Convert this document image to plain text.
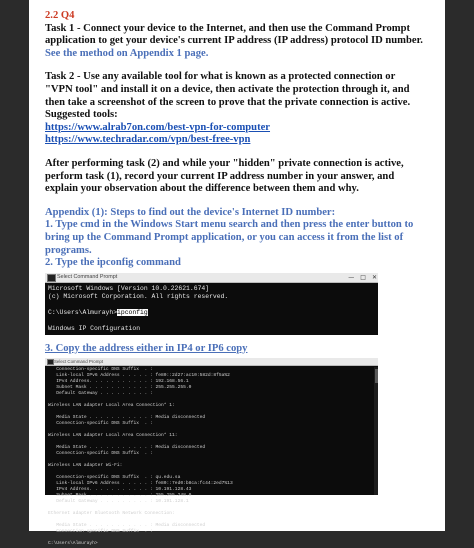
2.2 Q4

Task 1 - Connect your device to the Internet, and then use the Command Prompt application to get your device's current IP address (IP address) protocol ID number. See the method on Appendix 1 page.

Task 2 - Use any available tool for what is known as a protected connection or
"VPN tool" and install it on a device, then activate the protection through it, and
then take a screenshot of the screen to prove that the private connection is active.
Suggested tools:
https://www.alrab7on.com/best-vpn-for-computer
https://www.techradar.com/vpn/best-free-vpn

After performing task (2) and while your "hidden" private connection is active,
perform task (1), record your current IP address number in your answer, and
explain your observation about the difference between them and why.

Appendix (1): Steps to find out the device's Internet ID number:
1. Type cmd in the Windows Start menu search and then press the enter button to
bring up the Command Prompt application, or you can access it from the list of
programs.
2. Type the ipconfig command

Select Command Prompt	— □ ✕
Microsoft Windows [Version 10.0.22621.674]
(c) Microsoft Corporation. All rights reserved.
C:\Users\Almurayh>ipconfig
Windows IP Configuration

3. Copy the address either in IP4 or IP6 copy

Select Command Prompt
Connection-specific DNS Suffix  . :
Link-local IPv6 Address . . . . . : fe80::2d27:ac10:582d:8f5a%2
IPv4 Address. . . . . . . . . . . : 192.168.56.1
Subnet Mask . . . . . . . . . . . : 255.255.255.0
Default Gateway . . . . . . . . . :
Wireless LAN adapter Local Area Connection* 1:
Media State . . . . . . . . . . . : Media disconnected
Connection-specific DNS Suffix  . :
Wireless LAN adapter Local Area Connection* 11:
Media State . . . . . . . . . . . : Media disconnected
Connection-specific DNS Suffix  . :
Wireless LAN adapter Wi-Fi:
Connection-specific DNS Suffix  . : qu.edu.sa
Link-local IPv6 Address . . . . . : fe80::7ed0:b8ca:fc44:2ed7%13
IPv4 Address. . . . . . . . . . . : 10.191.128.43
Subnet Mask . . . . . . . . . . . : 255.255.248.0
Default Gateway . . . . . . . . . : 10.191.128.1
Ethernet adapter Bluetooth Network Connection:
Media State . . . . . . . . . . . : Media disconnected
Connection-specific DNS Suffix  . :
C:\Users\Almurayh>
